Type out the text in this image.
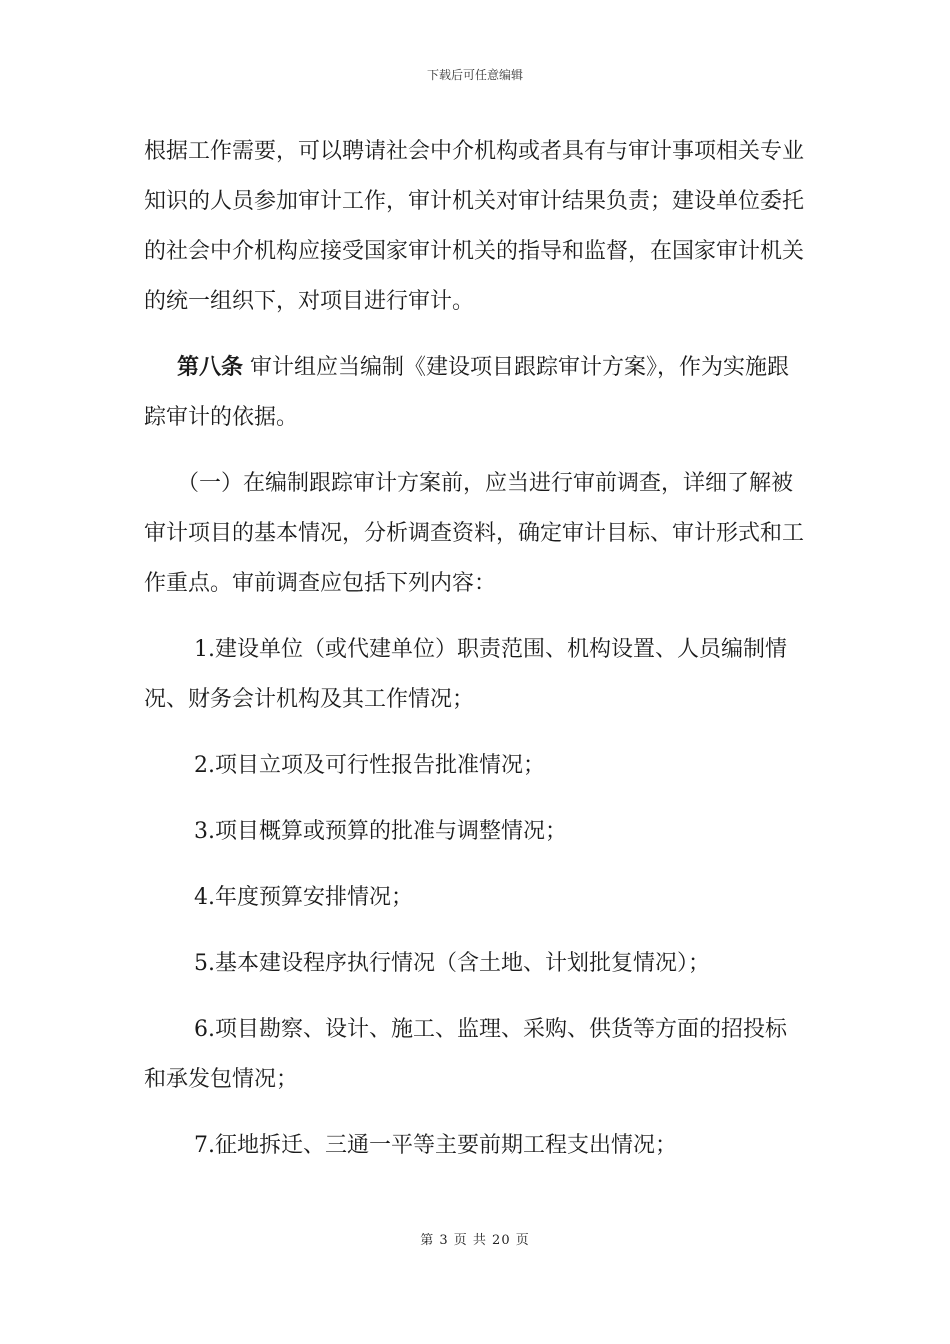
下载后可任意编辑

根据工作需要，可以聘请社会中介机构或者具有与审计事项相关专业知识的人员参加审计工作，审计机关对审计结果负责；建设单位委托的社会中介机构应接受国家审计机关的指导和监督，在国家审计机关的统一组织下，对项目进行审计。

第八条 审计组应当编制《建设项目跟踪审计方案》，作为实施跟踪审计的依据。

（一）在编制跟踪审计方案前，应当进行审前调查，详细了解被审计项目的基本情况，分析调查资料，确定审计目标、审计形式和工作重点。审前调查应包括下列内容：

1.建设单位（或代建单位）职责范围、机构设置、人员编制情况、财务会计机构及其工作情况；

2.项目立项及可行性报告批准情况；

3.项目概算或预算的批准与调整情况；

4.年度预算安排情况；

5.基本建设程序执行情况（含土地、计划批复情况）；

6.项目勘察、设计、施工、监理、采购、供货等方面的招投标和承发包情况；

7.征地拆迁、三通一平等主要前期工程支出情况；

第 3 页 共 20 页
